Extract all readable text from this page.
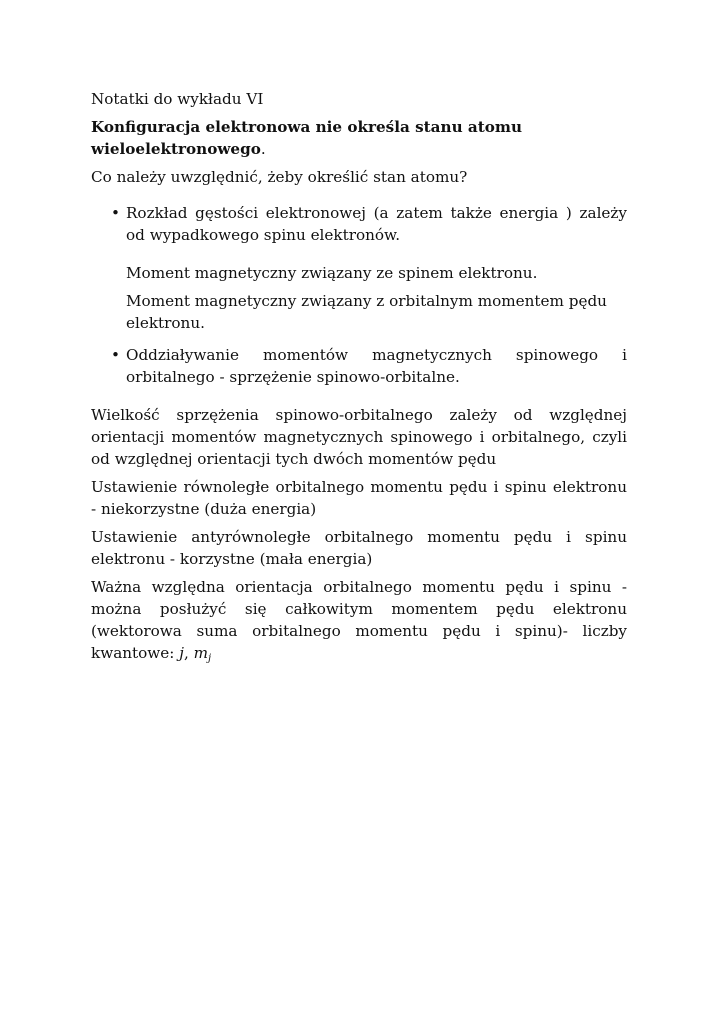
Notatki do wykładu VI

Konfiguracja elektronowa nie określa stanu atomu wieloelektronowego.

Co należy uwzględnić, żeby określić stan atomu?

• Rozkład gęstości elektronowej (a zatem także energia ) zależy od wypadkowego spinu elektronów.

Moment magnetyczny związany ze spinem elektronu.

Moment magnetyczny związany z orbitalnym momentem pędu elektronu.

• Oddziaływanie momentów magnetycznych spinowego i orbitalnego - sprzężenie spinowo-orbitalne.

Wielkość sprzężenia spinowo-orbitalnego zależy od względnej orientacji momentów magnetycznych spinowego i orbitalnego, czyli od względnej orientacji tych dwóch momentów pędu

Ustawienie równoległe orbitalnego momentu pędu i spinu elektronu - niekorzystne (duża energia)

Ustawienie antyrównoległe orbitalnego momentu pędu i spinu elektronu - korzystne (mała energia)

Ważna względna orientacja orbitalnego momentu pędu i spinu - można posłużyć się całkowitym momentem pędu elektronu (wektorowa suma orbitalnego momentu pędu i spinu)- liczby kwantowe: j, $m_j$
